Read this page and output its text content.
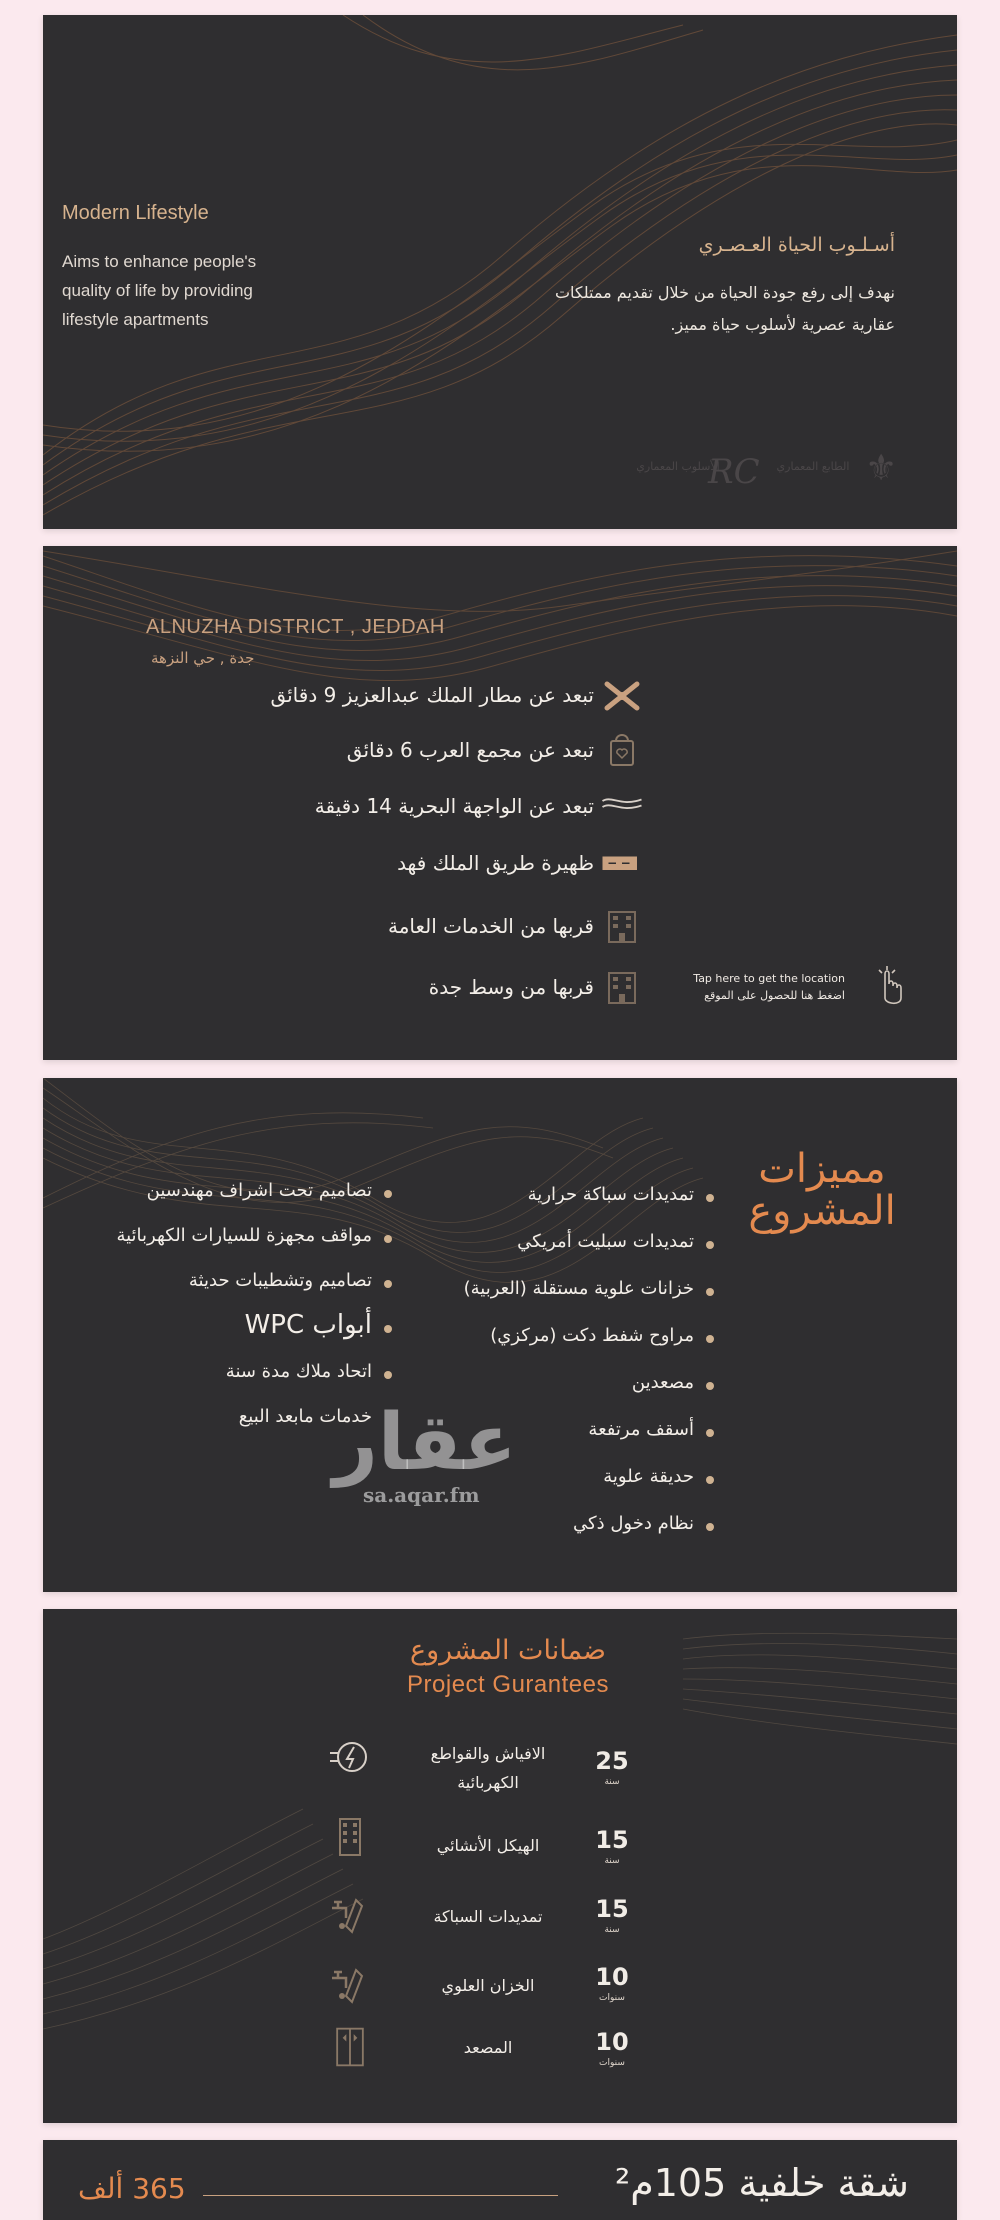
Modern Lifestyle
Aims to enhance people's
quality of life by providing
lifestyle apartments
أسـلـوب الحياة العـصـري
نهدف إلى رفع جودة الحياة من خلال تقديم ممتلكات
عقارية عصرية لأسلوب حياة مميز.
الأسلوب المعماري
RC	الطابع المعماري ⚜
ALNUZHA DISTRICT , JEDDAH
جدة , حي النزهة
تبعد عن مطار الملك عبدالعزيز 9 دقائق
تبعد عن مجمع العرب 6 دقائق
تبعد عن الواجهة البحرية 14 دقيقة
ظهيرة طريق الملك فهد
قربها من الخدمات العامة
قربها من وسط جدة	Tap here to get the location
اضغط هنا للحصول على الموقع
مميزات
المشروع
تمديدات سباكة حرارية
تمديدات سبليت أمريكي
خزانات علوية مستقلة (العربية)
مراوح شفط دكت (مركزي)
مصعدين
أسقف مرتفعة
حديقة علوية
نظام دخول ذكي
تصاميم تحت اشراف مهندسين
مواقف مجهزة للسيارات الكهربائية
تصاميم وتشطيبات حديثة
أبواب WPC
اتحاد ملاك مدة سنة
خدمات مابعد البيع
عقار
sa.aqar.fm
ضمانات المشروع
Project Gurantees
الافياش والقواطع
الكهربائية
25
سنة
الهيكل الأنشائي	15
سنة
تمديدات السباكة	15
سنة
الخزان العلوي	10
سنوات
المصعد	10
سنوات
365 ألف	شقة خلفية 105م²
